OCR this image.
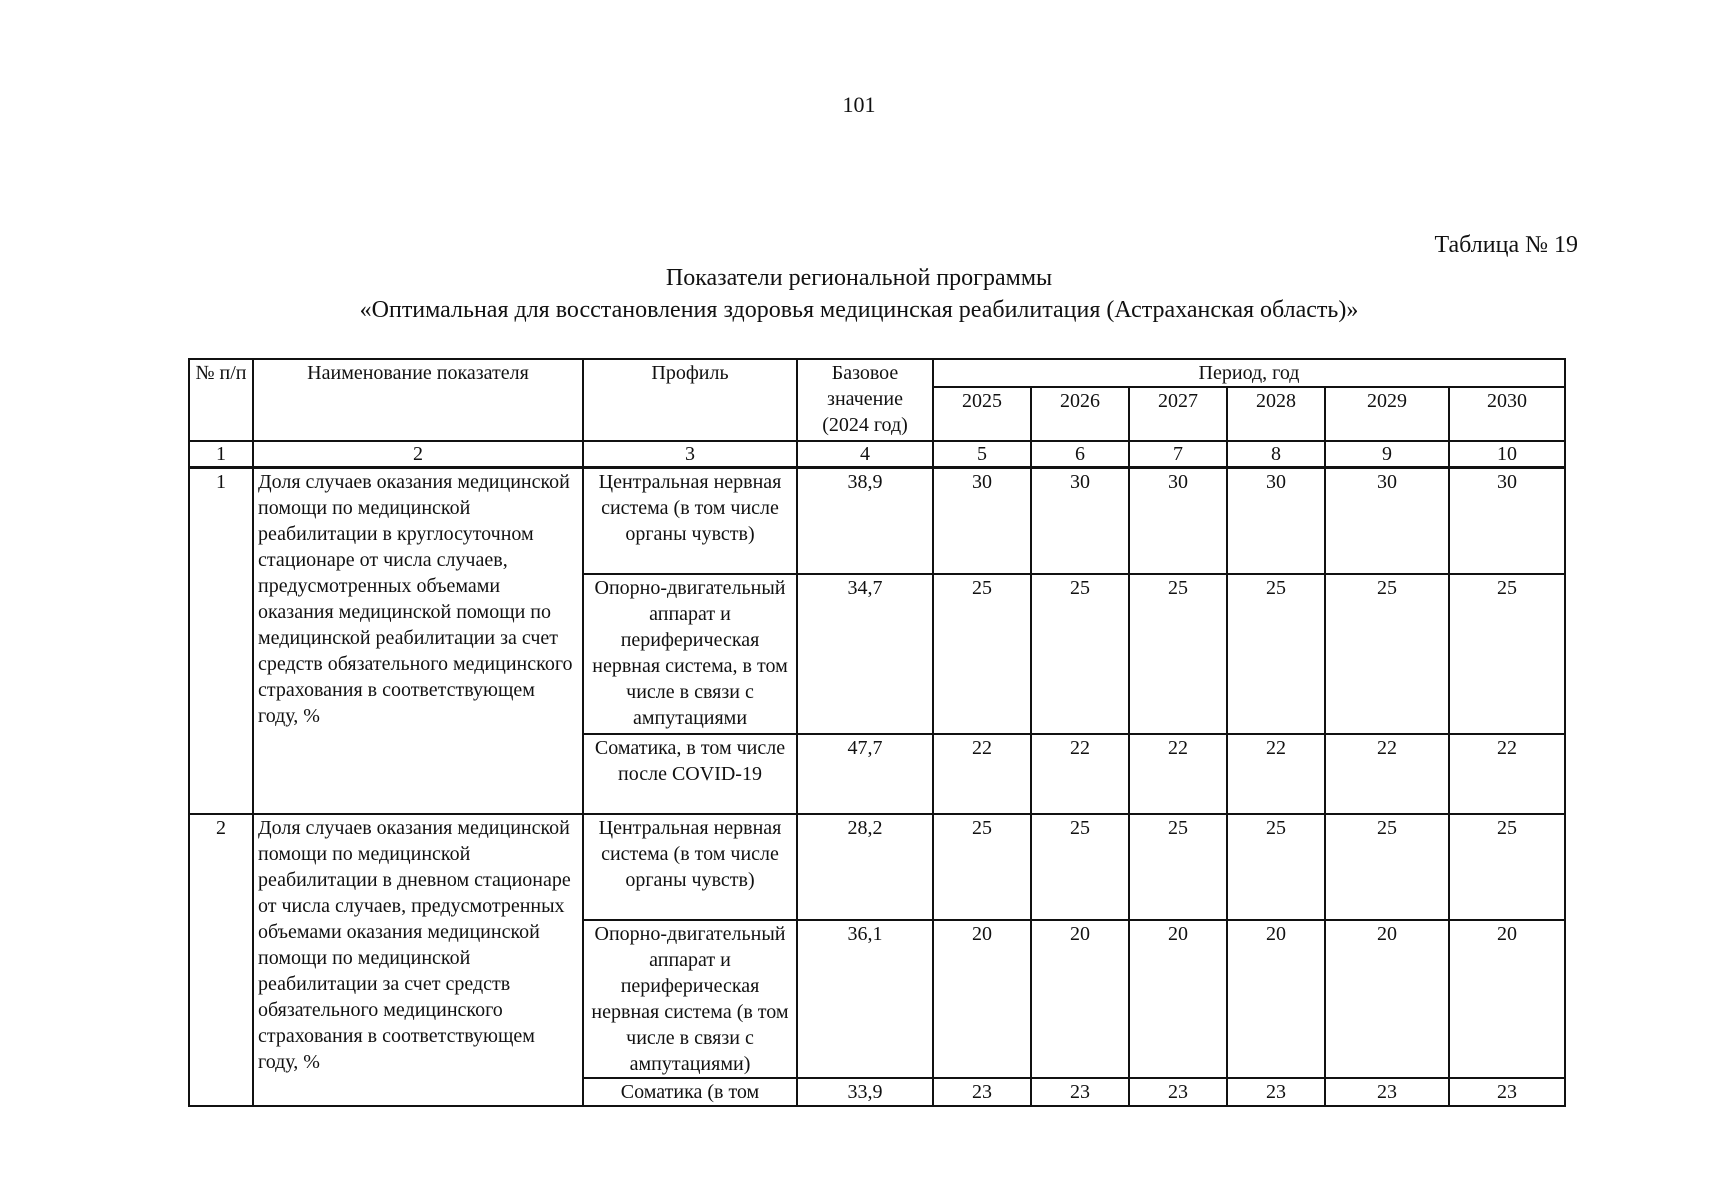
101
Таблица № 19
Показатели региональной программы
«Оптимальная для восстановления здоровья медицинская реабилитация (Астраханская область)»
№ п/п	Наименование показателя	Профиль	Базовое значение (2024 год)	Период, год					
				2025	2026	2027	2028	2029	2030
1	2	3	4	5	6	7	8	9	10
1	Доля случаев оказания медицинской помощи по медицинской реабилитации в круглосуточном стационаре от числа случаев, предусмотренных объемами оказания медицинской помощи по медицинской реабилитации за счет средств обязательного медицинского страхования в соответствующем году, %	Центральная нервная система (в том числе органы чувств)	38,9	30	30	30	30	30	30
		Опорно-двигательный аппарат и периферическая нервная система, в том числе в связи с ампутациями	34,7	25	25	25	25	25	25
		Соматика, в том числе после COVID-19	47,7	22	22	22	22	22	22
2	Доля случаев оказания медицинской помощи по медицинской реабилитации в дневном стационаре от числа случаев, предусмотренных объемами оказания медицинской помощи по медицинской реабилитации за счет средств обязательного медицинского страхования в соответствующем году, %	Центральная нервная система (в том числе органы чувств)	28,2	25	25	25	25	25	25
		Опорно-двигательный аппарат и периферическая нервная система (в том числе в связи с ампутациями)	36,1	20	20	20	20	20	20
		Соматика (в том	33,9	23	23	23	23	23	23
